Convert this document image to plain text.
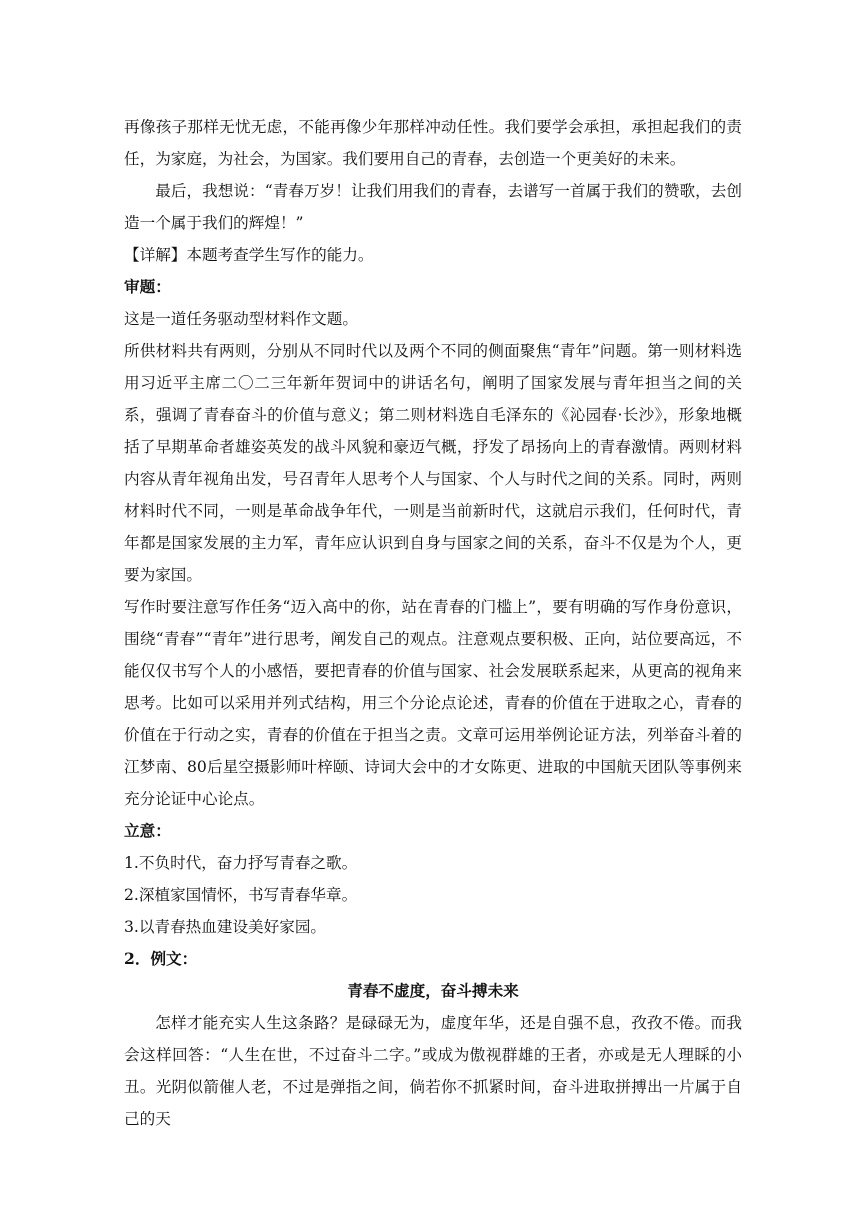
再像孩子那样无忧无虑，不能再像少年那样冲动任性。我们要学会承担，承担起我们的责任，为家庭，为社会，为国家。我们要用自己的青春，去创造一个更美好的未来。

最后，我想说：“青春万岁！让我们用我们的青春，去谱写一首属于我们的赞歌，去创造一个属于我们的辉煌！”

【详解】本题考查学生写作的能力。

审题：

这是一道任务驱动型材料作文题。

所供材料共有两则，分别从不同时代以及两个不同的侧面聚焦“青年”问题。第一则材料选用习近平主席二〇二三年新年贺词中的讲话名句，阐明了国家发展与青年担当之间的关系，强调了青春奋斗的价值与意义；第二则材料选自毛泽东的《沁园春·长沙》，形象地概括了早期革命者雄姿英发的战斗风貌和豪迈气概，抒发了昂扬向上的青春激情。两则材料内容从青年视角出发，号召青年人思考个人与国家、个人与时代之间的关系。同时，两则材料时代不同，一则是革命战争年代，一则是当前新时代，这就启示我们，任何时代，青年都是国家发展的主力军，青年应认识到自身与国家之间的关系，奋斗不仅是为个人，更要为家国。

写作时要注意写作任务“迈入高中的你，站在青春的门槛上”，要有明确的写作身份意识，围绕“青春”“青年”进行思考，阐发自己的观点。注意观点要积极、正向，站位要高远，不能仅仅书写个人的小感悟，要把青春的价值与国家、社会发展联系起来，从更高的视角来思考。比如可以采用并列式结构，用三个分论点论述，青春的价值在于进取之心，青春的价值在于行动之实，青春的价值在于担当之责。文章可运用举例论证方法，列举奋斗着的江梦南、80后星空摄影师叶梓颐、诗词大会中的才女陈更、进取的中国航天团队等事例来充分论证中心论点。

立意：

1.不负时代，奋力抒写青春之歌。

2.深植家国情怀，书写青春华章。

3.以青春热血建设美好家园。

2．例文：

青春不虚度，奋斗搏未来

怎样才能充实人生这条路？是碌碌无为，虚度年华，还是自强不息，孜孜不倦。而我会这样回答：“人生在世，不过奋斗二字。”或成为傲视群雄的王者，亦或是无人理睬的小丑。光阴似箭催人老，不过是弹指之间，倘若你不抓紧时间，奋斗进取拼搏出一片属于自己的天
